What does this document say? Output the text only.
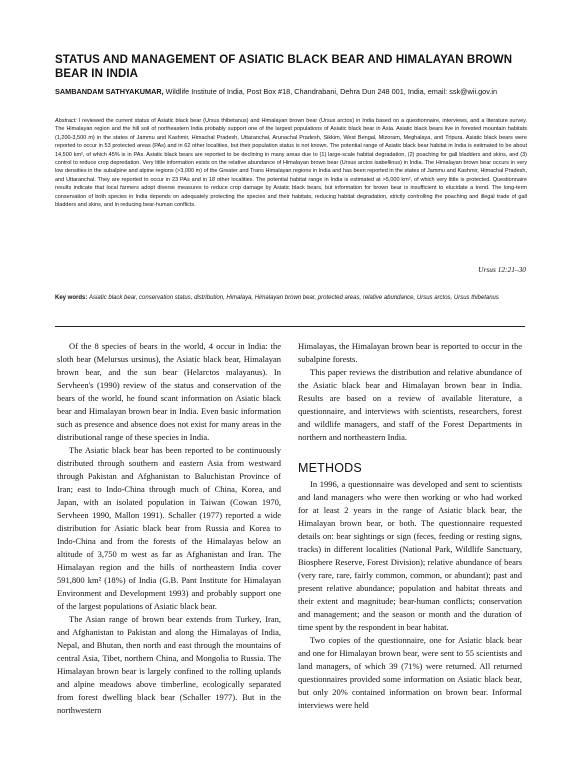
STATUS AND MANAGEMENT OF ASIATIC BLACK BEAR AND HIMALAYAN BROWN BEAR IN INDIA
SAMBANDAM SATHYAKUMAR, Wildlife Institute of India, Post Box #18, Chandrabani, Dehra Dun 248 001, India, email: ssk@wii.gov.in
Abstract: I reviewed the current status of Asiatic black bear (Ursus thibetanus) and Himalayan brown bear (Ursus arctos) in India based on a questionnaire, interviews, and a literature survey. The Himalayan region and the hill soil of northeastern India probably support one of the largest populations of Asiatic black bear in Asia. Asiatic black bears live in forested mountain habitats (1,200-3,500 m) in the states of Jammu and Kashmir, Himachal Pradesh, Uttaranchal, Arunachal Pradesh, Sikkim, West Bengal, Mizoram, Meghalaya, and Tripura. Asiatic black bears were reported to occur in 53 protected areas (PAs) and in 62 other localities, but their population status is not known. The potential range of Asiatic black bear habitat in India is estimated to be about 14,500 km², of which 45% is in PAs. Asiatic black bears are reported to be declining in many areas due to (1) large-scale habitat degradation, (2) poaching for gall bladders and skins, and (3) control to reduce crop depredation. Very little information exists on the relative abundance of Himalayan brown bear (Ursus arctos isabellinus) in India. The Himalayan brown bear occurs in very low densities in the subalpine and alpine regions (>3,000 m) of the Greater and Trans Himalayan regions in India and has been reported in the states of Jammu and Kashmir, Himachal Pradesh, and Uttaranchal. They are reported to occur in 23 PAs and in 18 other localities. The potential habitat range in India is estimated at >5,000 km², of which very little is protected. Questionnaire results indicate that local farmers adopt diverse measures to reduce crop damage by Asiatic black bears, but information for brown bear is insufficient to elucidate a trend. The long-term conservation of both species in India depends on adequately protecting the species and their habitats, reducing habitat degradation, strictly controlling the poaching and illegal trade of gall bladders and skins, and in reducing bear-human conflicts.
Ursus 12:21–30
Key words: Asiatic black bear, conservation status, distribution, Himalaya, Himalayan brown bear, protected areas, relative abundance, Ursus arctos, Ursus thibetanus

Of the 8 species of bears in the world, 4 occur in India: the sloth bear (Melursus ursinus), the Asiatic black bear, Himalayan brown bear, and the sun bear (Helarctos malayanus). In Servheen's (1990) review of the status and conservation of the bears of the world, he found scant information on Asiatic black bear and Himalayan brown bear in India. Even basic information such as presence and absence does not exist for many areas in the distributional range of these species in India.

The Asiatic black bear has been reported to be continuously distributed through southern and eastern Asia from westward through Pakistan and Afghanistan to Baluchistan Province of Iran; east to Indo-China through much of China, Korea, and Japan, with an isolated population in Taiwan (Cowan 1970, Servheen 1990, Mallon 1991). Schaller (1977) reported a wide distribution for Asiatic black bear from Russia and Korea to Indo-China and from the forests of the Himalayas below an altitude of 3,750 m west as far as Afghanistan and Iran. The Himalayan region and the hills of northeastern India cover 591,800 km² (18%) of India (G.B. Pant Institute for Himalayan Environment and Development 1993) and probably support one of the largest populations of Asiatic black bear.

The Asian range of brown bear extends from Turkey, Iran, and Afghanistan to Pakistan and along the Himalayas of India, Nepal, and Bhutan, then north and east through the mountains of central Asia, Tibet, northern China, and Mongolia to Russia. The Himalayan brown bear is largely confined to the rolling uplands and alpine meadows above timberline, ecologically separated from forest dwelling black bear (Schaller 1977). But in the northwestern

Himalayas, the Himalayan brown bear is reported to occur in the subalpine forests.

This paper reviews the distribution and relative abundance of the Asiatic black bear and Himalayan brown bear in India. Results are based on a review of available literature, a questionnaire, and interviews with scientists, researchers, forest and wildlife managers, and staff of the Forest Departments in northern and northeastern India.

METHODS

In 1996, a questionnaire was developed and sent to scientists and land managers who were then working or who had worked for at least 2 years in the range of Asiatic black bear, the Himalayan brown bear, or both. The questionnaire requested details on: bear sightings or sign (feces, feeding or resting signs, tracks) in different localities (National Park, Wildlife Sanctuary, Biosphere Reserve, Forest Division); relative abundance of bears (very rare, rare, fairly common, common, or abundant); past and present relative abundance; population and habitat threats and their extent and magnitude; bear-human conflicts; conservation and management; and the season or month and the duration of time spent by the respondent in bear habitat.

Two copies of the questionnaire, one for Asiatic black bear and one for Himalayan brown bear, were sent to 55 scientists and land managers, of which 39 (71%) were returned. All returned questionnaires provided some information on Asiatic black bear, but only 20% contained information on brown bear. Informal interviews were held
